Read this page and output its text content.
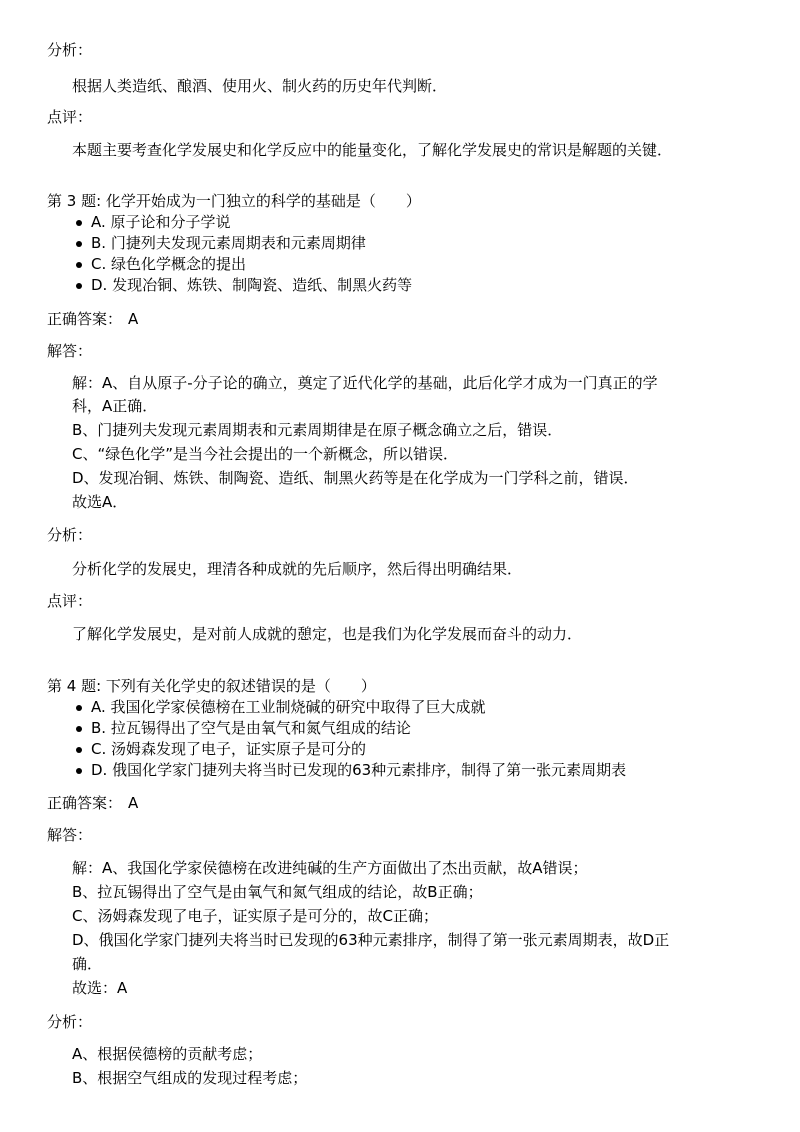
分析：
根据人类造纸、酿酒、使用火、制火药的历史年代判断．
点评：
本题主要考查化学发展史和化学反应中的能量变化，了解化学发展史的常识是解题的关键．
第 3 题: 化学开始成为一门独立的科学的基础是（　　）
A. 原子论和分子学说
B. 门捷列夫发现元素周期表和元素周期律
C. 绿色化学概念的提出
D. 发现冶铜、炼铁、制陶瓷、造纸、制黑火药等
正确答案： A
解答：
解：A、自从原子-分子论的确立，奠定了近代化学的基础，此后化学才成为一门真正的学
科，A正确．
B、门捷列夫发现元素周期表和元素周期律是在原子概念确立之后，错误．
C、“绿色化学”是当今社会提出的一个新概念，所以错误．
D、发现冶铜、炼铁、制陶瓷、造纸、制黑火药等是在化学成为一门学科之前，错误．
故选A．
分析：
分析化学的发展史，理清各种成就的先后顺序，然后得出明确结果．
点评：
了解化学发展史，是对前人成就的憩定，也是我们为化学发展而奋斗的动力．
第 4 题: 下列有关化学史的叙述错误的是（　　）
A. 我国化学家侯德榜在工业制烧碱的研究中取得了巨大成就
B. 拉瓦锡得出了空气是由氧气和氮气组成的结论
C. 汤姆森发现了电子，证实原子是可分的
D. 俄国化学家门捷列夫将当时已发现的63种元素排序，制得了第一张元素周期表
正确答案： A
解答：
解：A、我国化学家侯德榜在改进纯碱的生产方面做出了杰出贡献，故A错误；
B、拉瓦锡得出了空气是由氧气和氮气组成的结论，故B正确；
C、汤姆森发现了电子，证实原子是可分的，故C正确；
D、俄国化学家门捷列夫将当时已发现的63种元素排序，制得了第一张元素周期表，故D正
确．
故选：A
分析：
A、根据侯德榜的贡献考虑；
B、根据空气组成的发现过程考虑；
